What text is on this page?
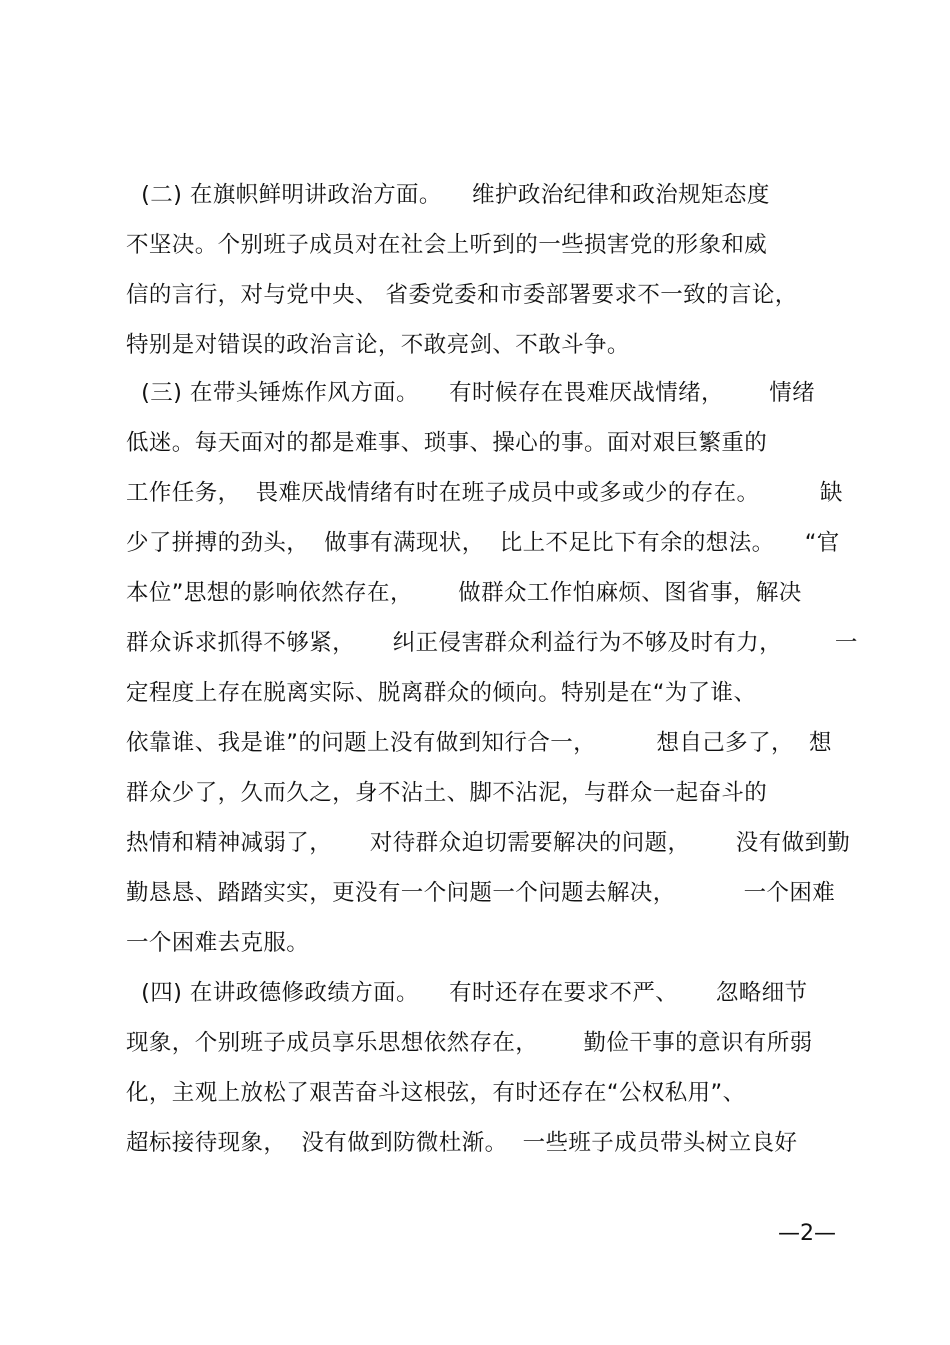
(二) 在旗帜鲜明讲政治方面。    维护政治纪律和政治规矩态度
不坚决。个别班子成员对在社会上听到的一些损害党的形象和威
信的言行，对与党中央、 省委党委和市委部署要求不一致的言论，
特别是对错误的政治言论，不敢亮剑、不敢斗争。
(三) 在带头锤炼作风方面。    有时候存在畏难厌战情绪，      情绪
低迷。每天面对的都是难事、琐事、操心的事。面对艰巨繁重的
工作任务，  畏难厌战情绪有时在班子成员中或多或少的存在。        缺
少了拼搏的劲头，  做事有满现状，  比上不足比下有余的想法。    “官
本位”思想的影响依然存在，      做群众工作怕麻烦、图省事，解决
群众诉求抓得不够紧，     纠正侵害群众利益行为不够及时有力，       一
定程度上存在脱离实际、脱离群众的倾向。特别是在“为了谁、
依靠谁、我是谁”的问题上没有做到知行合一，        想自己多了，  想
群众少了，久而久之，身不沾土、脚不沾泥，与群众一起奋斗的
热情和精神减弱了，     对待群众迫切需要解决的问题，      没有做到勤
勤恳恳、踏踏实实，更没有一个问题一个问题去解决，         一个困难
一个困难去克服。
(四) 在讲政德修政绩方面。    有时还存在要求不严、     忽略细节
现象，个别班子成员享乐思想依然存在，      勤俭干事的意识有所弱
化，主观上放松了艰苦奋斗这根弦，有时还存在“公权私用”、
超标接待现象，  没有做到防微杜渐。  一些班子成员带头树立良好
—2—
